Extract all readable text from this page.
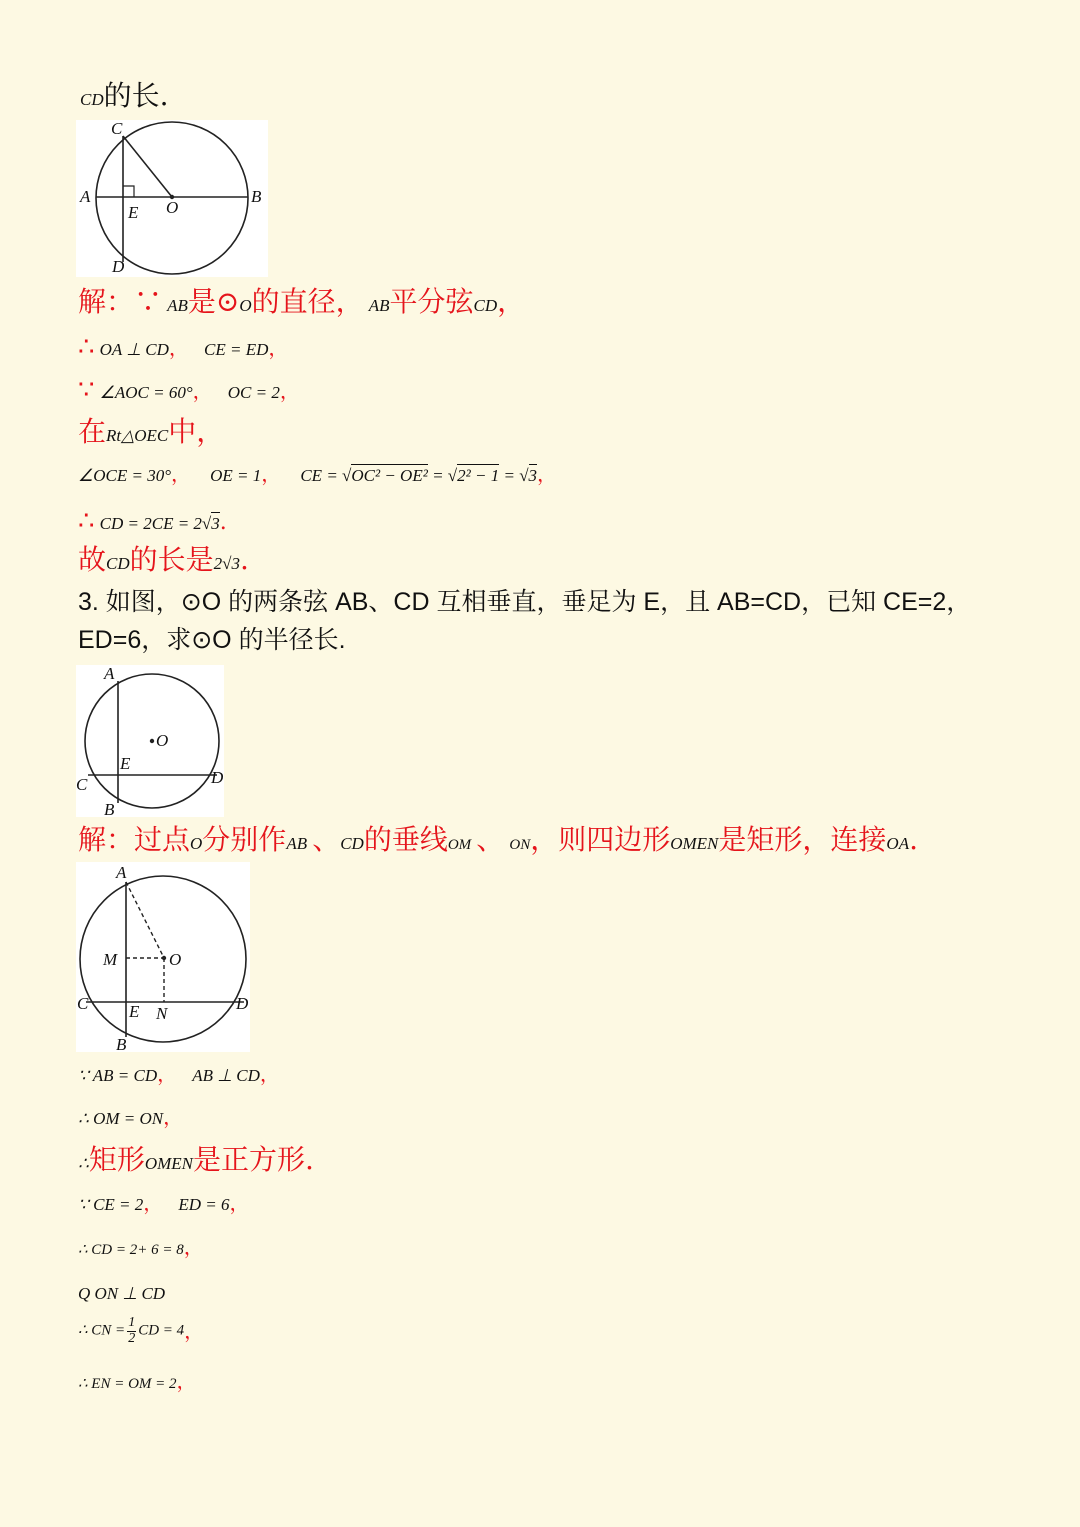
CD的长.
C
A
E O
B
D
解：∵ AB是⊙O的直径， AB平分弦CD，
∴ OA ⊥ CD， CE = ED，
∵ ∠AOC = 60°， OC = 2，
在Rt△OEC中，
∠OCE = 30°， OE = 1， CE = √OC² − OE² = √2² − 1 = √3，
∴ CD = 2CE = 2√3.
故CD的长是2√3.
3. 如图，⊙O 的两条弦 AB、CD 互相垂直，垂足为 E，且 AB=CD，已知 CE=2，
ED=6，求⊙O 的半径长.
A
O
E
C	D
B
解：过点O分别作AB 、CD的垂线OM 、 ON，则四边形OMEN是矩形，连接OA.
A
M	O
C E N
D
B
∵ AB = CD， AB ⊥ CD，
∴ OM = ON，
∴矩形OMEN是正方形.
∵ CE = 2， ED = 6，
∴ CD = 2+ 6 = 8，
Q ON ⊥ CD
∴ CN = $\frac{1}{2}$ CD = 4，
∴ EN = OM = 2，
